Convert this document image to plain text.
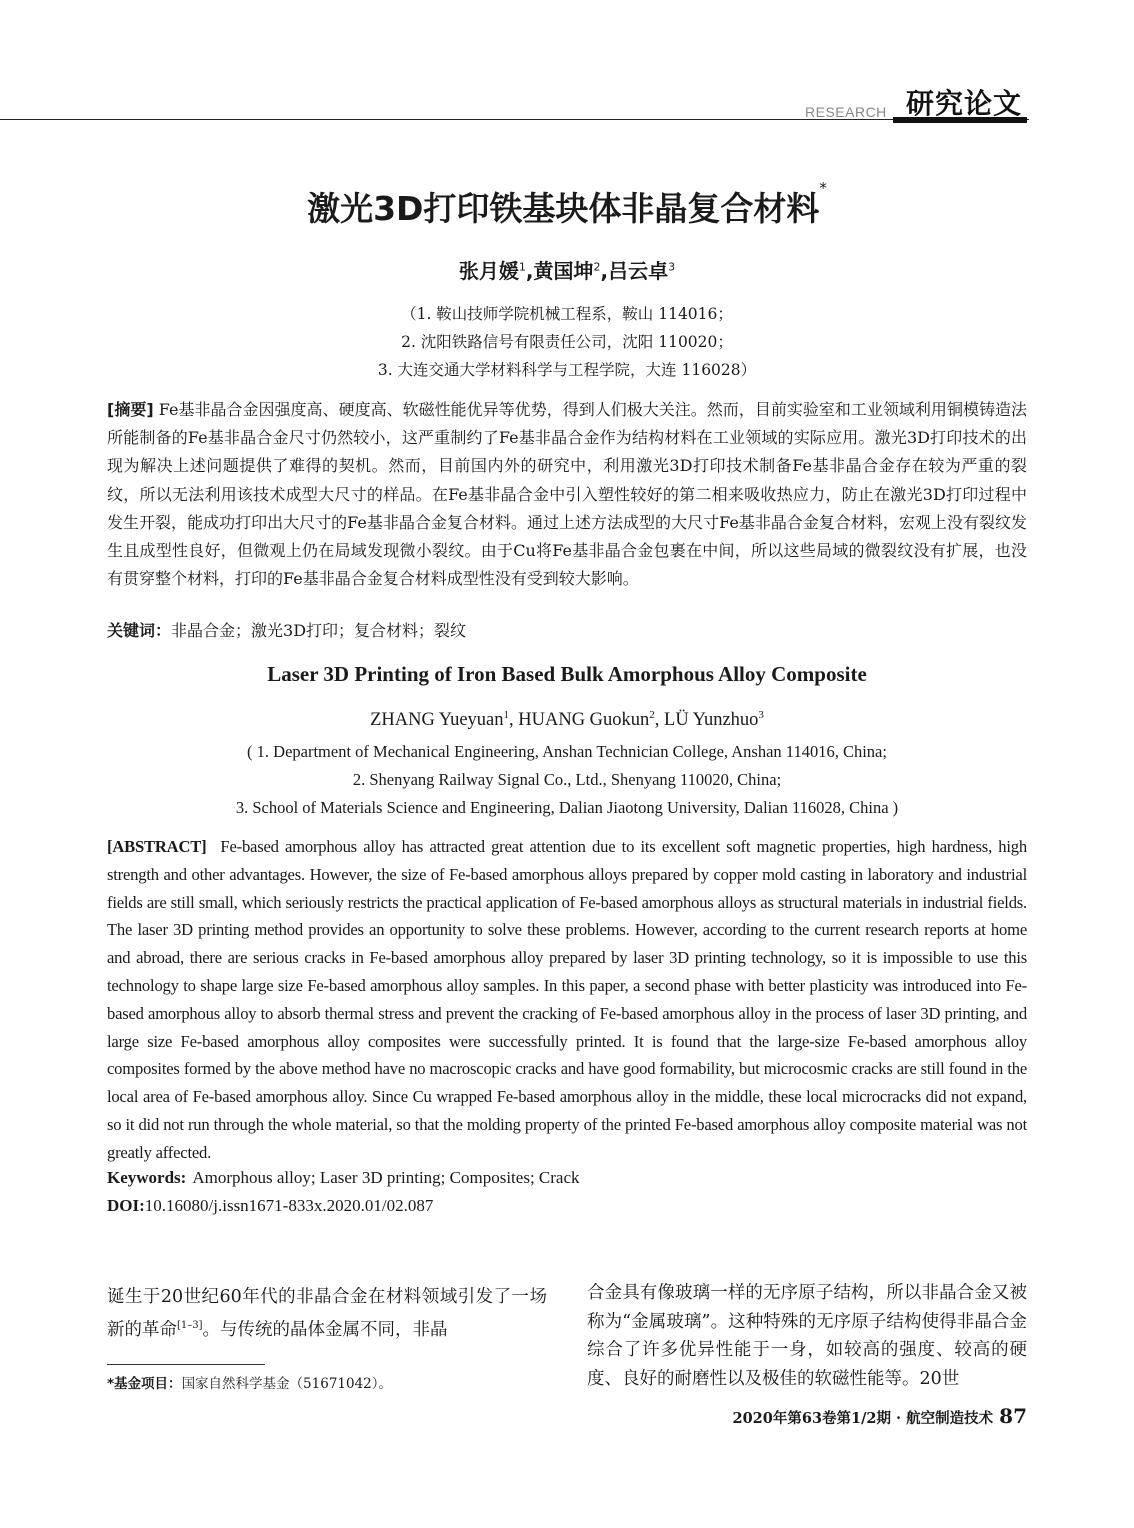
RESEARCH 研究论文
激光3D打印铁基块体非晶复合材料*
张月媛$^1$,黄国坤$^2$,吕云卓$^3$
（1. 鞍山技师学院机械工程系，鞍山 114016；
2. 沈阳铁路信号有限责任公司，沈阳 110020；
3. 大连交通大学材料科学与工程学院，大连 116028）
[摘要] Fe基非晶合金因强度高、硬度高、软磁性能优异等优势，得到人们极大关注。然而，目前实验室和工业领域利用铜模铸造法所能制备的Fe基非晶合金尺寸仍然较小，这严重制约了Fe基非晶合金作为结构材料在工业领域的实际应用。激光3D打印技术的出现为解决上述问题提供了难得的契机。然而，目前国内外的研究中，利用激光3D打印技术制备Fe基非晶合金存在较为严重的裂纹，所以无法利用该技术成型大尺寸的样品。在Fe基非晶合金中引入塑性较好的第二相来吸收热应力，防止在激光3D打印过程中发生开裂，能成功打印出大尺寸的Fe基非晶合金复合材料。通过上述方法成型的大尺寸Fe基非晶合金复合材料，宏观上没有裂纹发生且成型性良好，但微观上仍在局域发现微小裂纹。由于Cu将Fe基非晶合金包裹在中间，所以这些局域的微裂纹没有扩展，也没有贯穿整个材料，打印的Fe基非晶合金复合材料成型性没有受到较大影响。
关键词：非晶合金；激光3D打印；复合材料；裂纹
Laser 3D Printing of Iron Based Bulk Amorphous Alloy Composite
ZHANG Yueyuan$^1$, HUANG Guokun$^2$, LÜ Yunzhuo$^3$
( 1. Department of Mechanical Engineering, Anshan Technician College, Anshan 114016, China;
2. Shenyang Railway Signal Co., Ltd., Shenyang 110020, China;
3. School of Materials Science and Engineering, Dalian Jiaotong University, Dalian 116028, China )
[ABSTRACT] Fe-based amorphous alloy has attracted great attention due to its excellent soft magnetic properties, high hardness, high strength and other advantages. However, the size of Fe-based amorphous alloys prepared by copper mold casting in laboratory and industrial fields are still small, which seriously restricts the practical application of Fe-based amorphous alloys as structural materials in industrial fields. The laser 3D printing method provides an opportunity to solve these problems. However, according to the current research reports at home and abroad, there are serious cracks in Fe-based amorphous alloy prepared by laser 3D printing technology, so it is impossible to use this technology to shape large size Fe-based amorphous alloy samples. In this paper, a second phase with better plasticity was introduced into Fe-based amorphous alloy to absorb thermal stress and prevent the cracking of Fe-based amorphous alloy in the process of laser 3D printing, and large size Fe-based amorphous alloy composites were successfully printed. It is found that the large-size Fe-based amorphous alloy composites formed by the above method have no macroscopic cracks and have good formability, but microcosmic cracks are still found in the local area of Fe-based amorphous alloy. Since Cu wrapped Fe-based amorphous alloy in the middle, these local microcracks did not expand, so it did not run through the whole material, so that the molding property of the printed Fe-based amorphous alloy composite material was not greatly affected.
Keywords: Amorphous alloy; Laser 3D printing; Composites; Crack
DOI:10.16080/j.issn1671-833x.2020.01/02.087
诞生于20世纪60年代的非晶合金在材料领域引发了一场新的革命[1–3]。与传统的晶体金属不同，非晶
合金具有像玻璃一样的无序原子结构，所以非晶合金又被称为“金属玻璃”。这种特殊的无序原子结构使得非晶合金综合了许多优异性能于一身，如较高的强度、较高的硬度、良好的耐磨性以及极佳的软磁性能等。20世
*基金项目：国家自然科学基金（51671042）。
2020年第63卷第1/2期 · 航空制造技术 87
